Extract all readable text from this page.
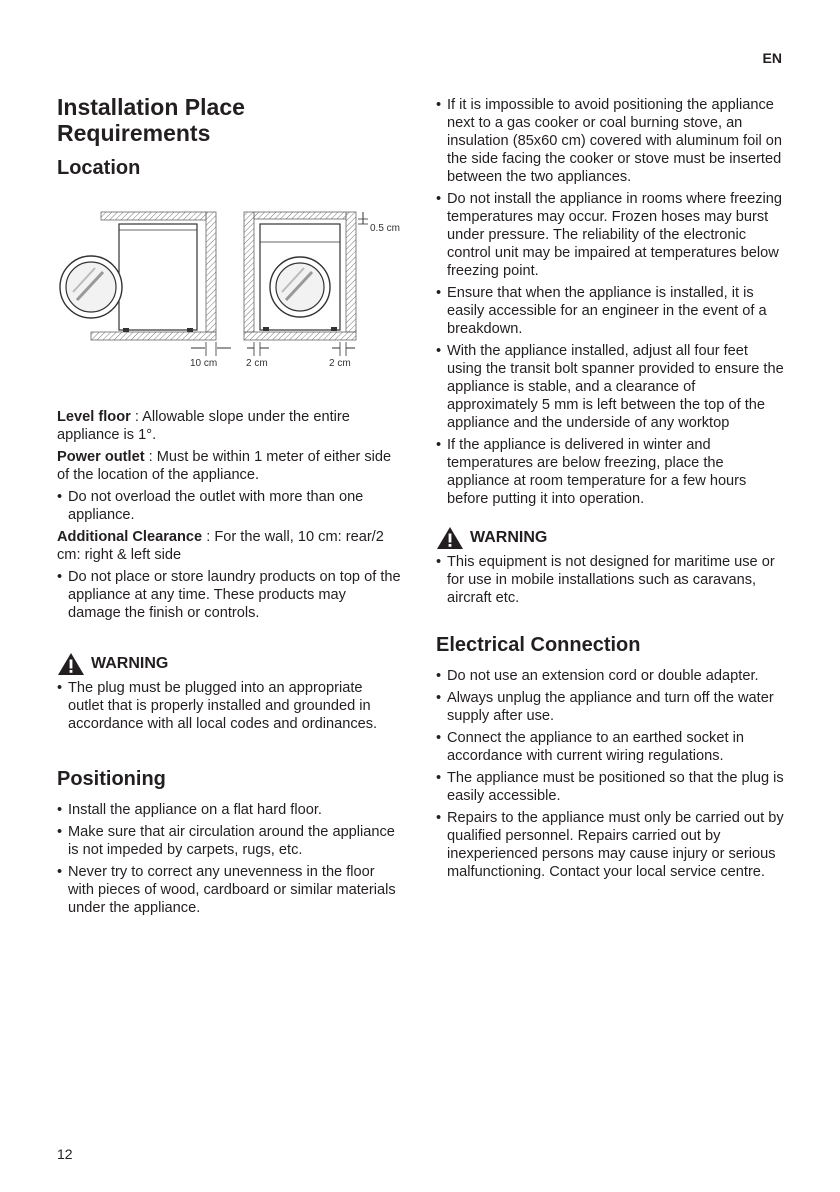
EN
Installation Place Requirements
Location
0.5 cm
10 cm	2 cm	2 cm

Level floor : Allowable slope under the entire appliance is 1°.

Power outlet : Must be within 1 meter of either side of the location of the appliance.

• Do not overload the outlet with more than one appliance.

Additional Clearance : For the wall, 10 cm: rear/2 cm: right & left side

• Do not place or store laundry products on top of the appliance at any time. These products may damage the finish or controls.
WARNING
• The plug must be plugged into an appropriate outlet that is properly installed and grounded in accordance with all local codes and ordinances.
Positioning
• Install the appliance on a flat hard floor.
• Make sure that air circulation around the appliance is not impeded by carpets, rugs, etc.
• Never try to correct any unevenness in the floor with pieces of wood, cardboard or similar materials under the appliance.
• If it is impossible to avoid positioning the appliance next to a gas cooker or coal burning stove, an insulation (85x60 cm) covered with aluminum foil on the side facing the cooker or stove must be inserted between the two appliances.
• Do not install the appliance in rooms where freezing temperatures may occur. Frozen hoses may burst under pressure. The reliability of the electronic control unit may be impaired at temperatures below freezing point.
• Ensure that when the appliance is installed, it is easily accessible for an engineer in the event of a breakdown.
• With the appliance installed, adjust all four feet using the transit bolt spanner provided to ensure the appliance is stable, and a clearance of approximately 5 mm is left between the top of the appliance and the underside of any worktop
• If the appliance is delivered in winter and temperatures are below freezing, place the appliance at room temperature for a few hours before putting it into operation.
WARNING
• This equipment is not designed for maritime use or for use in mobile installations such as caravans, aircraft etc.
Electrical Connection
• Do not use an extension cord or double adapter.
• Always unplug the appliance and turn off the water supply after use.
• Connect the appliance to an earthed socket in accordance with current wiring regulations.
• The appliance must be positioned so that the plug is easily accessible.
• Repairs to the appliance must only be carried out by qualified personnel. Repairs carried out by inexperienced persons may cause injury or serious malfunctioning. Contact your local service centre.
12
